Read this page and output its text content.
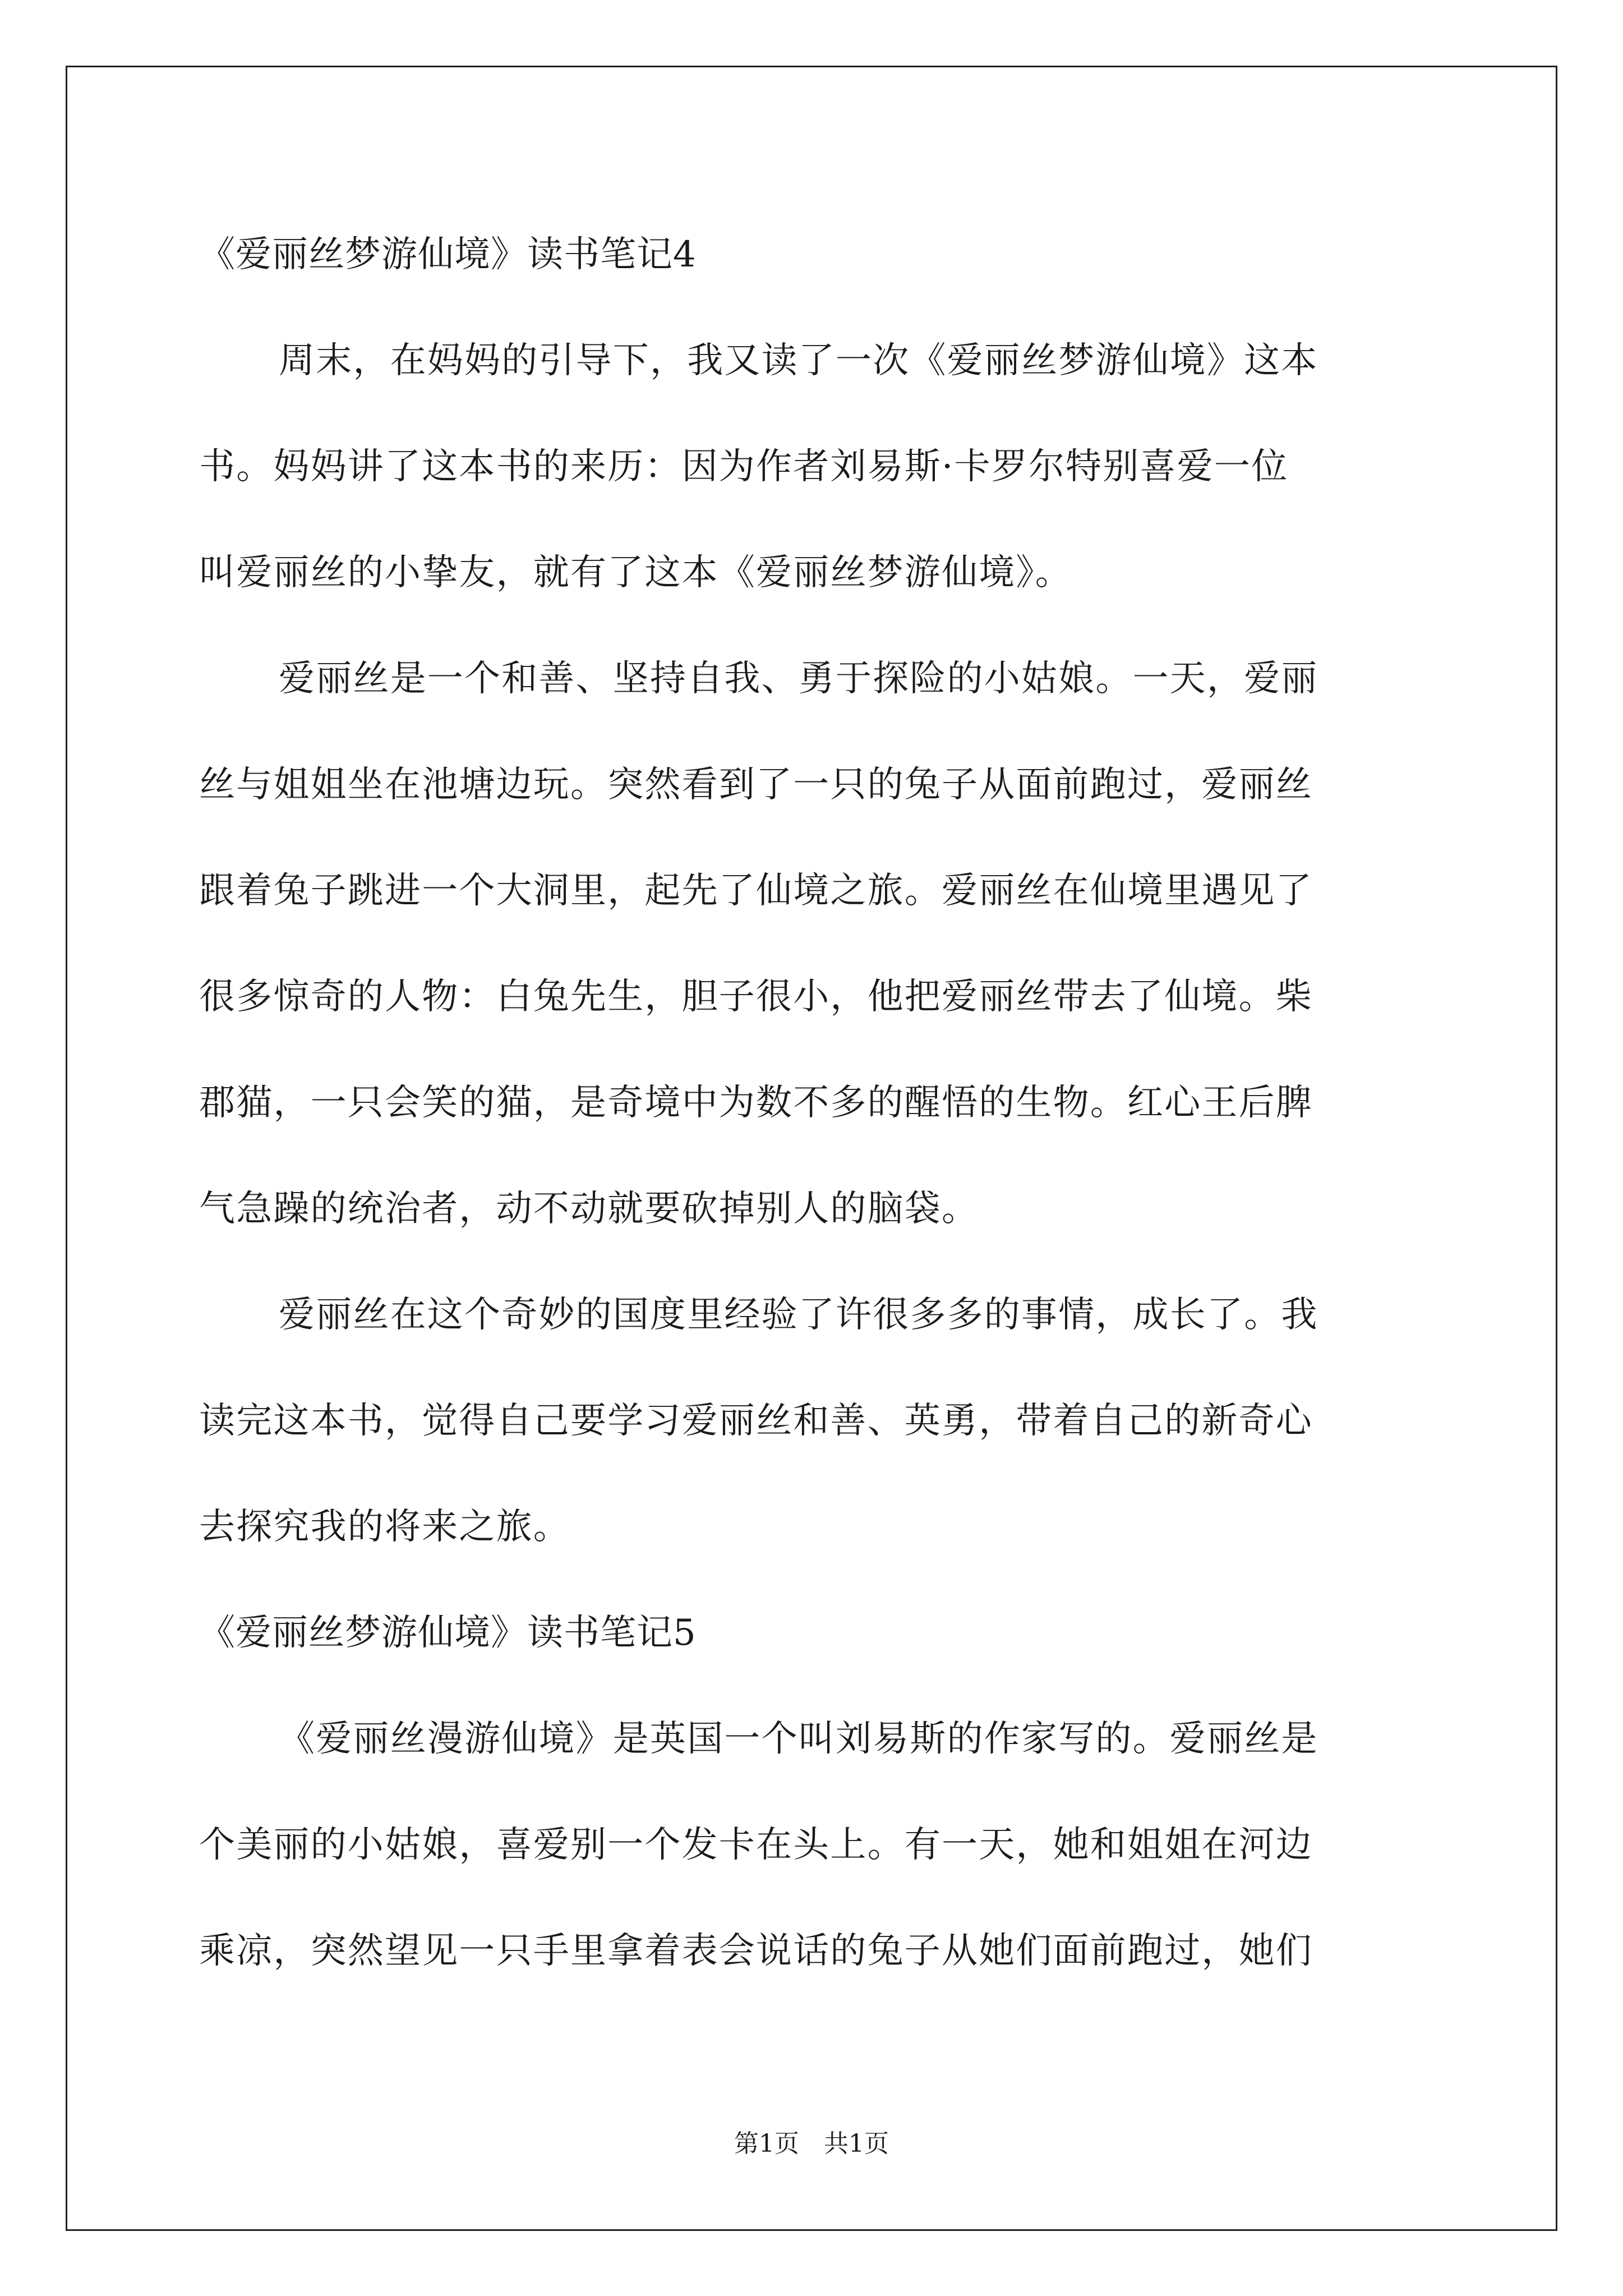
《爱丽丝梦游仙境》读书笔记4
周末，在妈妈的引导下，我又读了一次《爱丽丝梦游仙境》这本
书。妈妈讲了这本书的来历：因为作者刘易斯·卡罗尔特别喜爱一位
叫爱丽丝的小挚友，就有了这本《爱丽丝梦游仙境》。
爱丽丝是一个和善、坚持自我、勇于探险的小姑娘。一天，爱丽
丝与姐姐坐在池塘边玩。突然看到了一只的兔子从面前跑过，爱丽丝
跟着兔子跳进一个大洞里，起先了仙境之旅。爱丽丝在仙境里遇见了
很多惊奇的人物：白兔先生，胆子很小，他把爱丽丝带去了仙境。柴
郡猫，一只会笑的猫，是奇境中为数不多的醒悟的生物。红心王后脾
气急躁的统治者，动不动就要砍掉别人的脑袋。
爱丽丝在这个奇妙的国度里经验了许很多多的事情，成长了。我
读完这本书，觉得自己要学习爱丽丝和善、英勇，带着自己的新奇心
去探究我的将来之旅。
《爱丽丝梦游仙境》读书笔记5
《爱丽丝漫游仙境》是英国一个叫刘易斯的作家写的。爱丽丝是
个美丽的小姑娘，喜爱别一个发卡在头上。有一天，她和姐姐在河边
乘凉，突然望见一只手里拿着表会说话的兔子从她们面前跑过，她们
第1页　共1页
